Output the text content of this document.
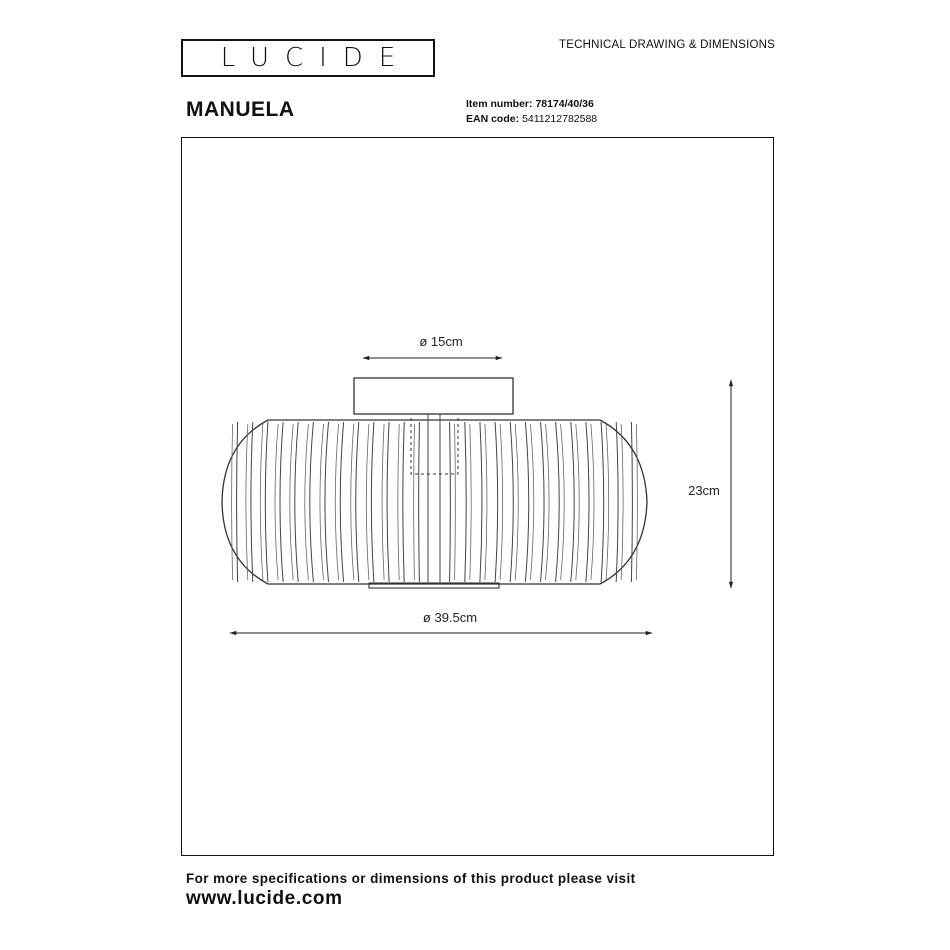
LUCIDE	TECHNICAL DRAWING & DIMENSIONS
MANUELA	Item number: 78174/40/36
EAN code: 5411212782588
ø 15cm
23cm
ø 39.5cm
For more specifications or dimensions of this product please visit
www.lucide.com
